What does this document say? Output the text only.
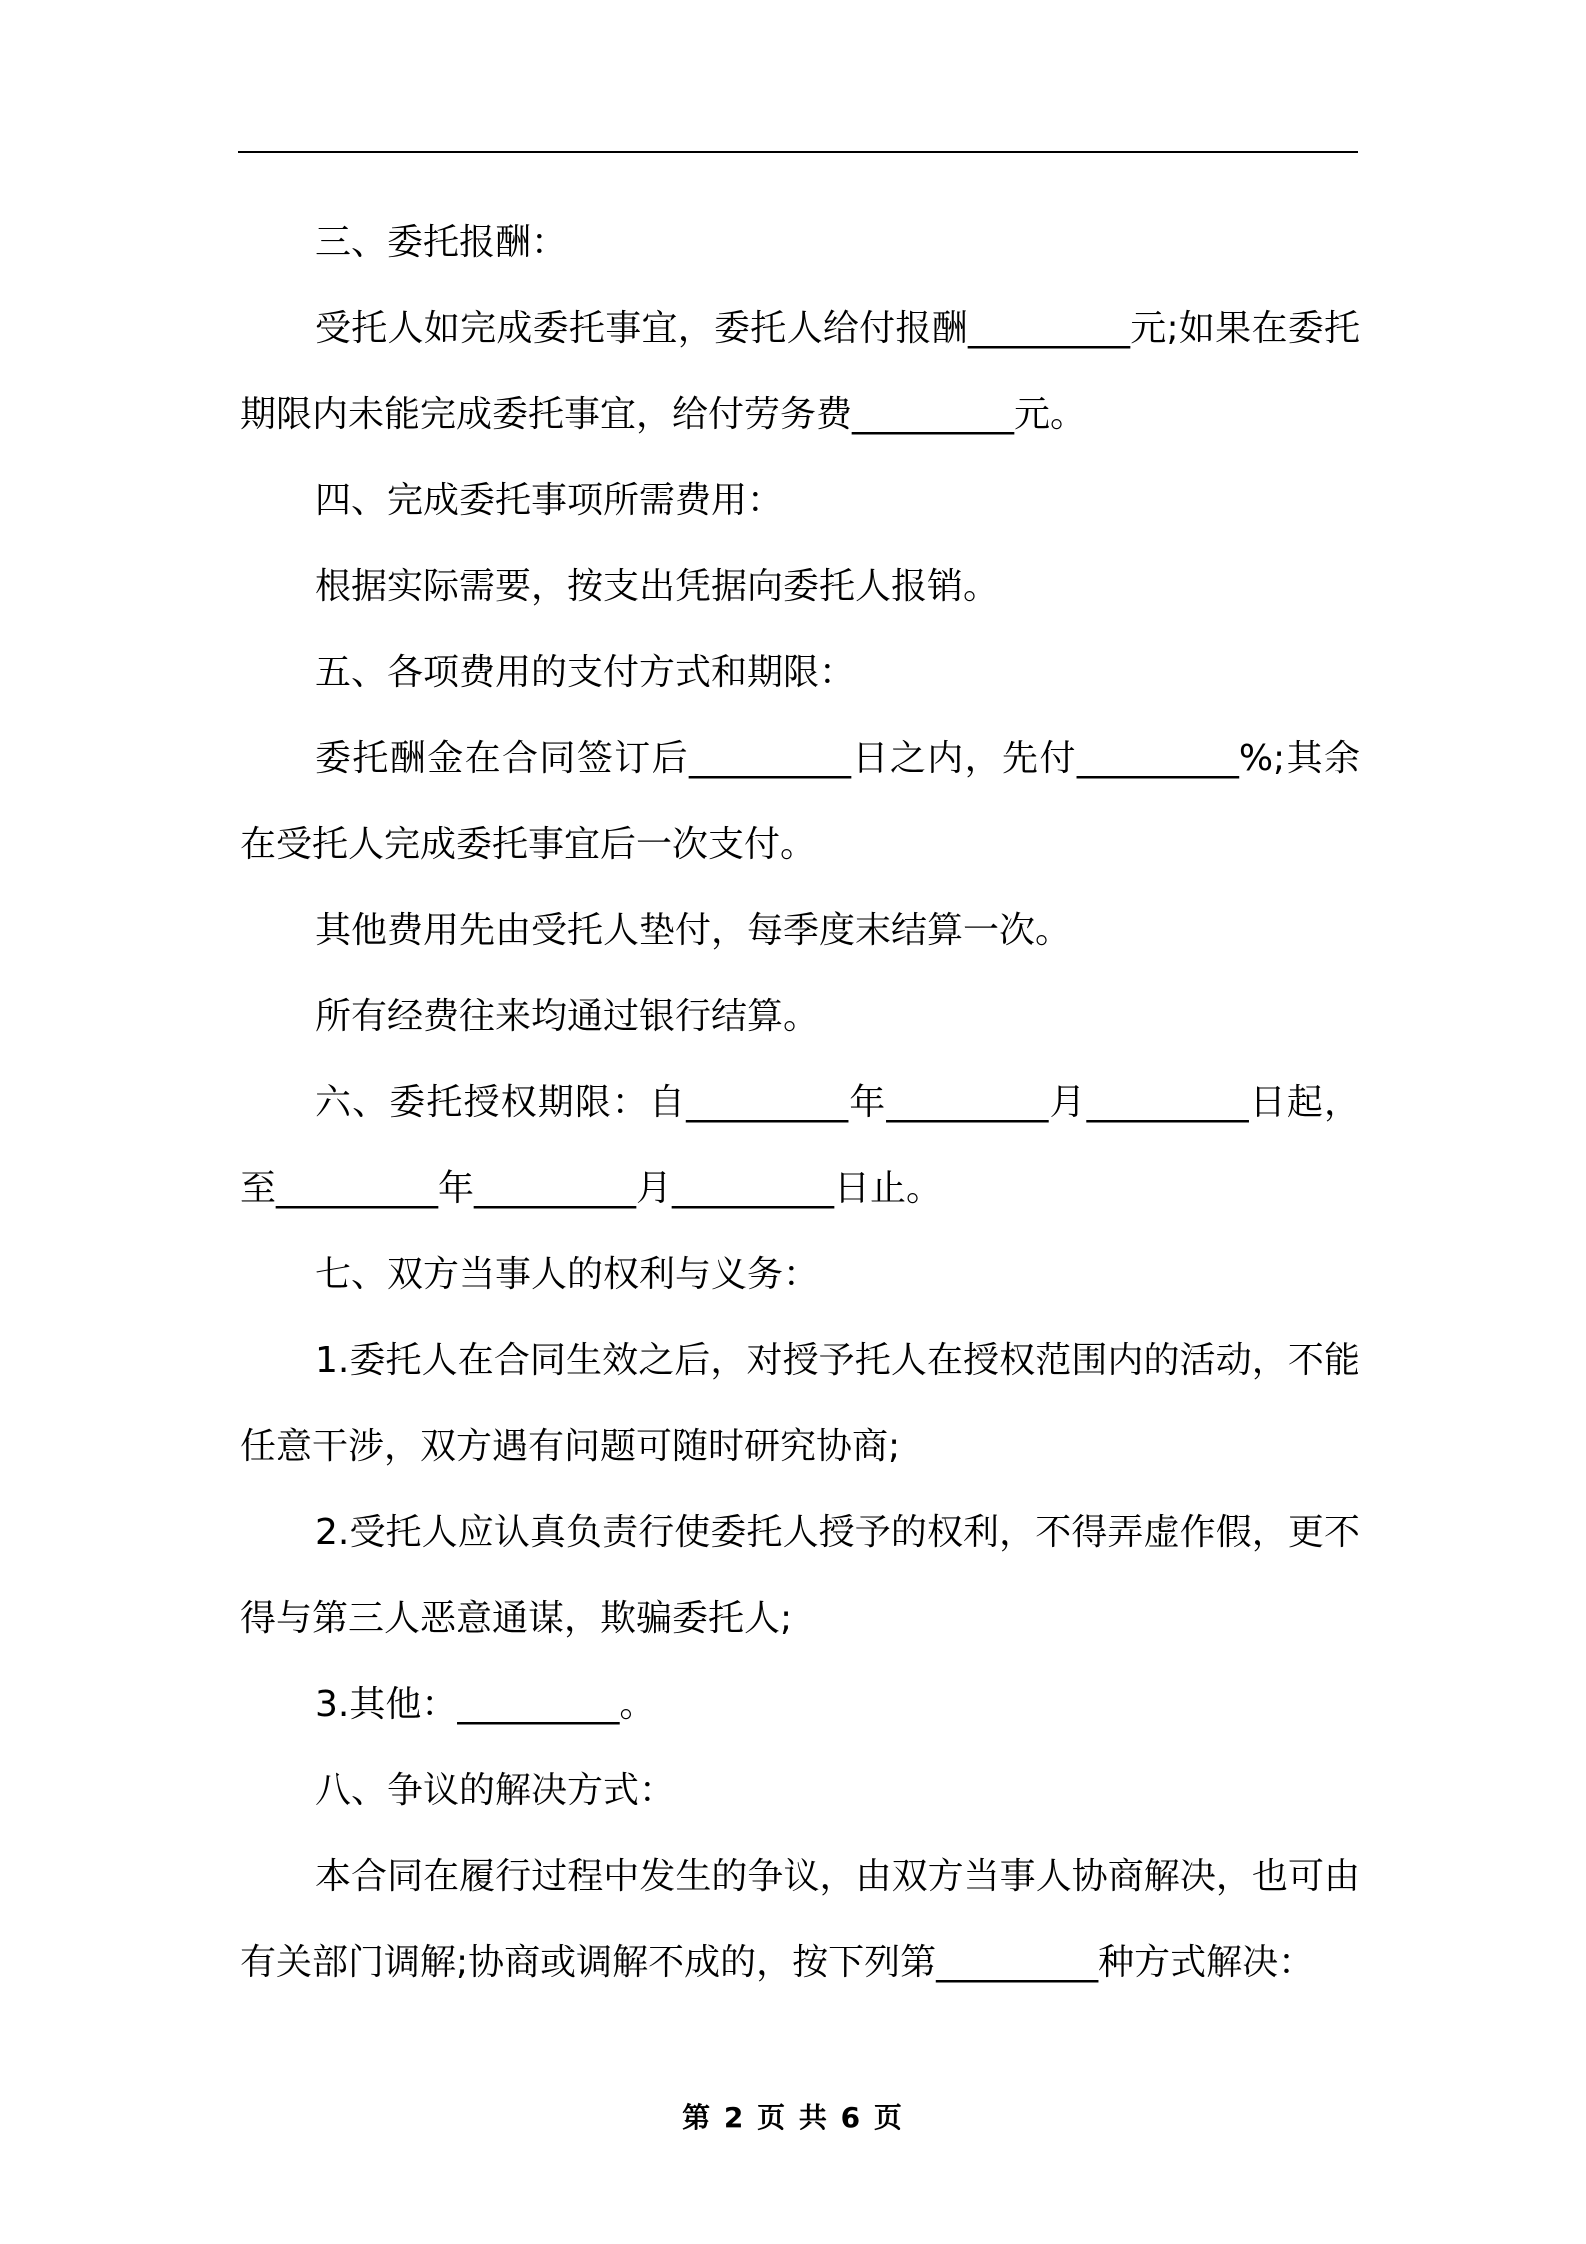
三、委托报酬：

受托人如完成委托事宜，委托人给付报酬_________元;如果在委托期限内未能完成委托事宜，给付劳务费_________元。

四、完成委托事项所需费用：

根据实际需要，按支出凭据向委托人报销。

五、各项费用的支付方式和期限：

委托酬金在合同签订后_________日之内，先付_________%;其余在受托人完成委托事宜后一次支付。

其他费用先由受托人垫付，每季度末结算一次。

所有经费往来均通过银行结算。

六、委托授权期限：自_________年_________月_________日起，至_________年_________月_________日止。

七、双方当事人的权利与义务：

1.委托人在合同生效之后，对授予托人在授权范围内的活动，不能任意干涉，双方遇有问题可随时研究协商;

2.受托人应认真负责行使委托人授予的权利，不得弄虚作假，更不得与第三人恶意通谋，欺骗委托人;

3.其他：_________。

八、争议的解决方式：

本合同在履行过程中发生的争议，由双方当事人协商解决，也可由有关部门调解;协商或调解不成的，按下列第_________种方式解决：

第 2 页 共 6 页
